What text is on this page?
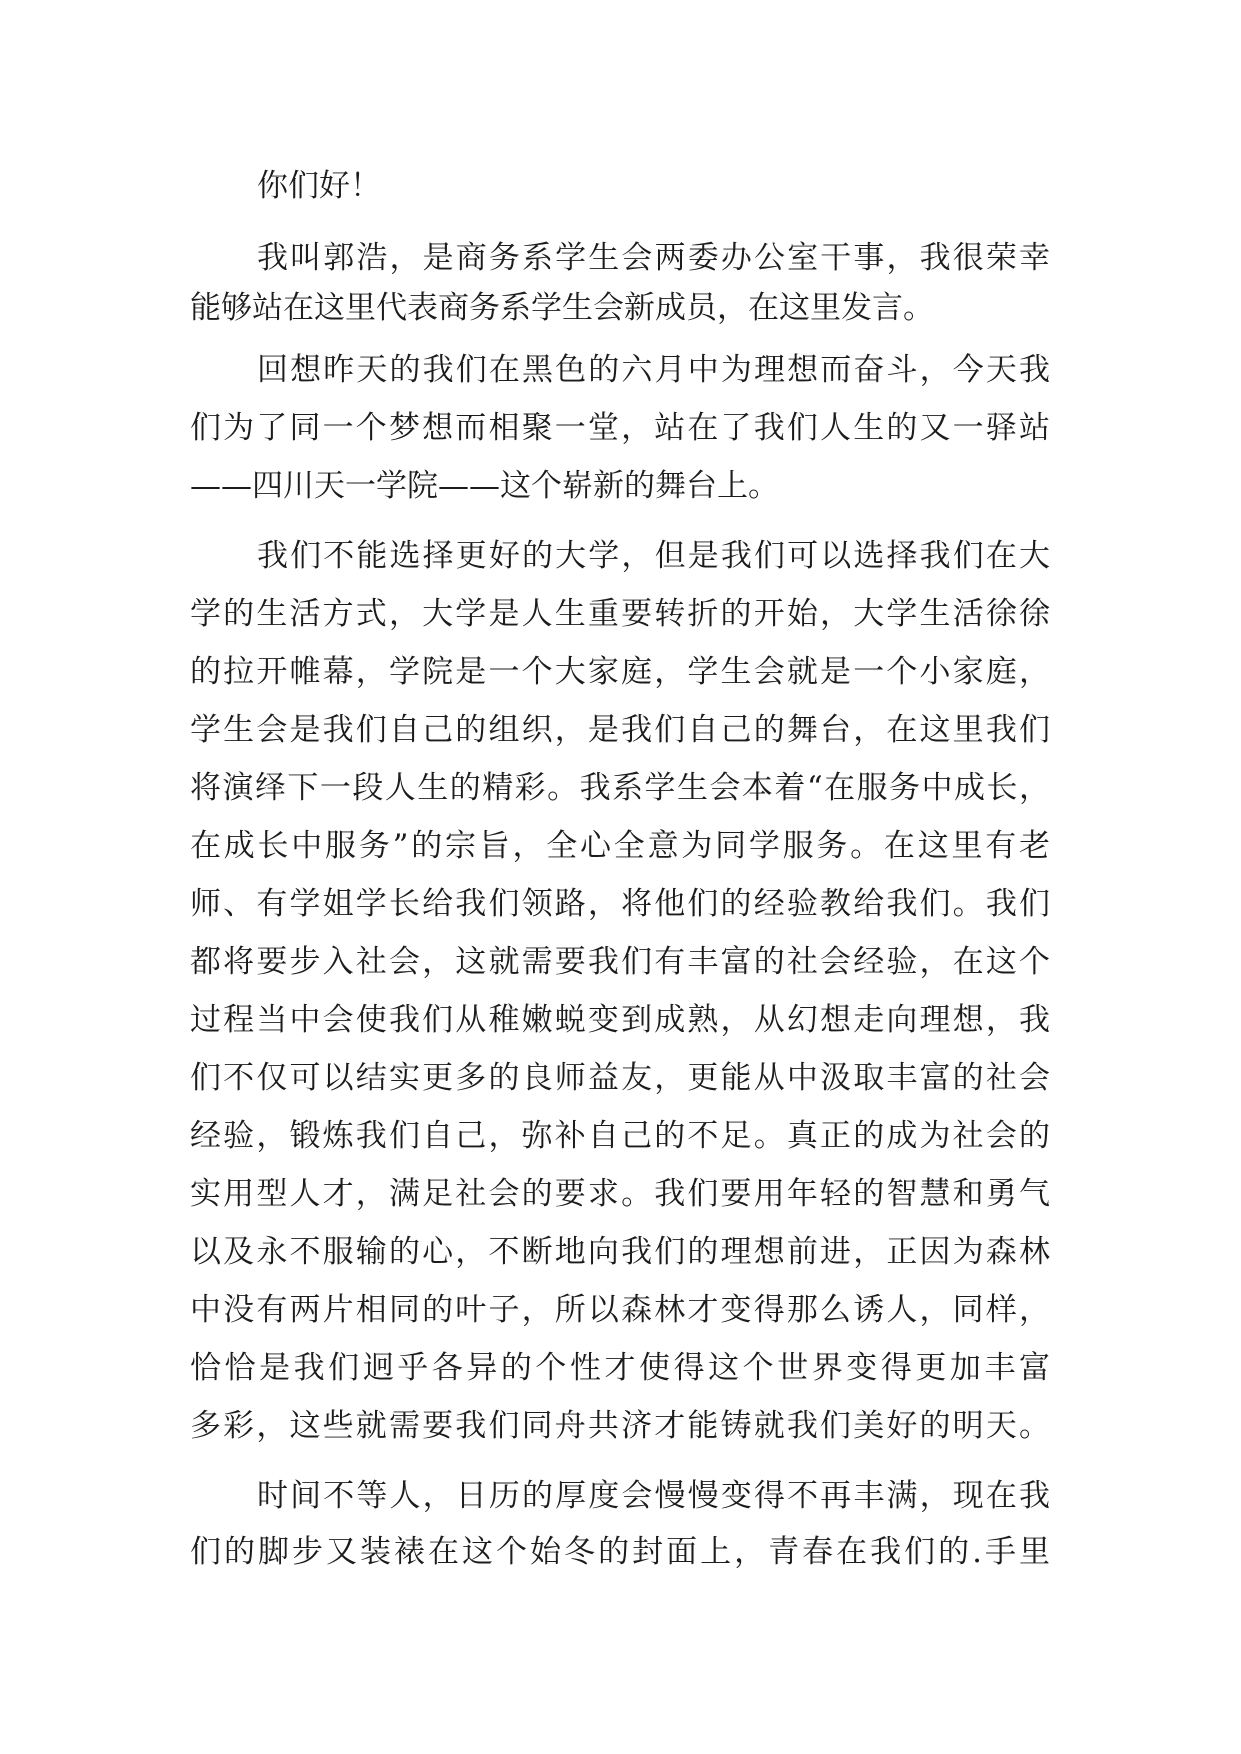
你们好！
我叫郭浩，是商务系学生会两委办公室干事，我很荣幸
能够站在这里代表商务系学生会新成员，在这里发言。
回想昨天的我们在黑色的六月中为理想而奋斗，今天我
们为了同一个梦想而相聚一堂，站在了我们人生的又一驿站
——四川天一学院——这个崭新的舞台上。
我们不能选择更好的大学，但是我们可以选择我们在大
学的生活方式，大学是人生重要转折的开始，大学生活徐徐
的拉开帷幕，学院是一个大家庭，学生会就是一个小家庭，
学生会是我们自己的组织，是我们自己的舞台，在这里我们
将演绎下一段人生的精彩。我系学生会本着“在服务中成长，
在成长中服务”的宗旨，全心全意为同学服务。在这里有老
师、有学姐学长给我们领路，将他们的经验教给我们。我们
都将要步入社会，这就需要我们有丰富的社会经验，在这个
过程当中会使我们从稚嫩蜕变到成熟，从幻想走向理想，我
们不仅可以结实更多的良师益友，更能从中汲取丰富的社会
经验，锻炼我们自己，弥补自己的不足。真正的成为社会的
实用型人才，满足社会的要求。我们要用年轻的智慧和勇气
以及永不服输的心，不断地向我们的理想前进，正因为森林
中没有两片相同的叶子，所以森林才变得那么诱人，同样，
恰恰是我们迥乎各异的个性才使得这个世界变得更加丰富
多彩，这些就需要我们同舟共济才能铸就我们美好的明天。
时间不等人，日历的厚度会慢慢变得不再丰满，现在我
们的脚步又装裱在这个始冬的封面上，青春在我们的.手里
